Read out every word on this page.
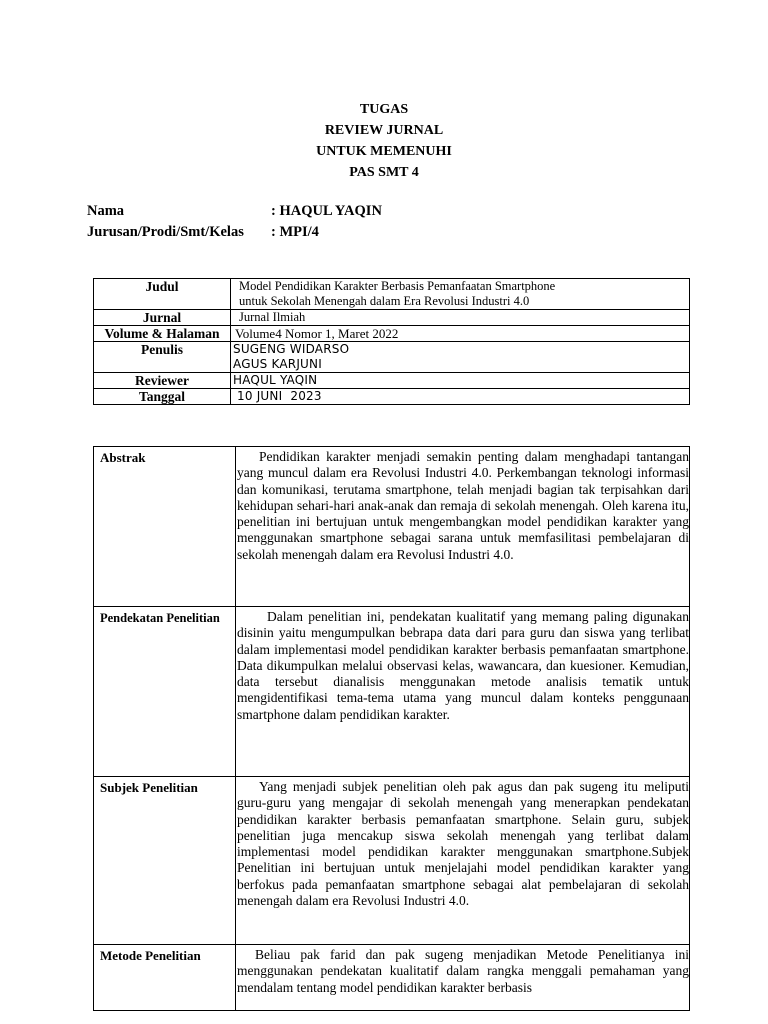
TUGAS
REVIEW JURNAL
UNTUK MEMENUHI
PAS SMT 4
Nama	: HAQUL YAQIN
Jurusan/Prodi/Smt/Kelas : MPI/4
Judul	Model Pendidikan Karakter Berbasis Pemanfaatan Smartphone
untuk Sekolah Menengah dalam Era Revolusi Industri 4.0

Jurnal	Jurnal Ilmiah
Volume & Halaman	Volume4 Nomor 1, Maret 2022
Penulis	SUGENG WIDARSO
AGUS KARJUNI

Reviewer	HAQUL YAQIN
Tanggal	10 JUNI  2023
Abstrak	Pendidikan karakter menjadi semakin penting dalam menghadapi tantangan yang muncul dalam era Revolusi Industri 4.0. Perkembangan teknologi informasi dan komunikasi, terutama smartphone, telah menjadi bagian tak terpisahkan dari kehidupan sehari-hari anak-anak dan remaja di sekolah menengah. Oleh karena itu, penelitian ini bertujuan untuk mengembangkan model pendidikan karakter yang menggunakan smartphone sebagai sarana untuk memfasilitasi pembelajaran di sekolah menengah dalam era Revolusi Industri 4.0.

Pendekatan Penelitian	Dalam penelitian ini, pendekatan kualitatif yang memang paling digunakan disinin yaitu mengumpulkan bebrapa data dari para guru dan siswa yang terlibat dalam implementasi model pendidikan karakter berbasis pemanfaatan smartphone. Data dikumpulkan melalui observasi kelas, wawancara, dan kuesioner. Kemudian, data tersebut dianalisis menggunakan metode analisis tematik untuk mengidentifikasi tema-tema utama yang muncul dalam konteks penggunaan smartphone dalam pendidikan karakter.

Subjek Penelitian	Yang menjadi subjek penelitian oleh pak agus dan pak sugeng itu meliputi guru-guru yang mengajar di sekolah menengah yang menerapkan pendekatan pendidikan karakter berbasis pemanfaatan smartphone. Selain guru, subjek penelitian juga mencakup siswa sekolah menengah yang terlibat dalam implementasi model pendidikan karakter menggunakan smartphone.Subjek Penelitian ini bertujuan untuk menjelajahi model pendidikan karakter yang berfokus pada pemanfaatan smartphone sebagai alat pembelajaran di sekolah menengah dalam era Revolusi Industri 4.0.

Metode Penelitian	Beliau pak farid dan pak sugeng menjadikan Metode Penelitianya ini menggunakan pendekatan kualitatif dalam rangka menggali pemahaman yang mendalam tentang model pendidikan karakter berbasis
